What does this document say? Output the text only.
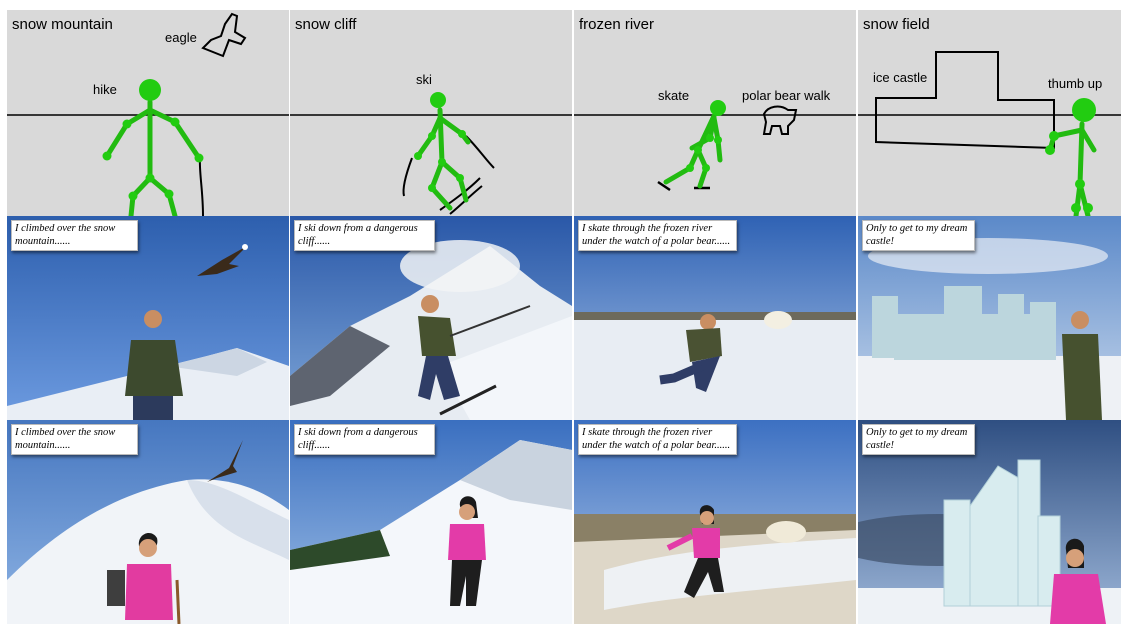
snow mountain
eagle
hike
I climbed over the snow mountain......
I climbed over the snow mountain......
snow cliff
ski
I ski down from a dangerous cliff......
I ski down from a dangerous cliff......
frozen river
skate	polar bear walk
I skate through the frozen river under the watch of a polar bear......
I skate through the frozen river under the watch of a polar bear......
snow field
ice castle	thumb up
Only to get to my dream castle!
Only to get to my dream castle!
